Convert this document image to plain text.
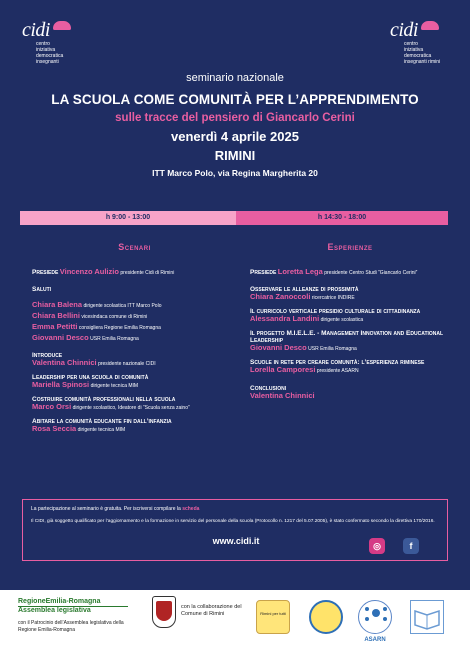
cidi
centro
iniziativa
democratica
insegnanti
cidi
centro
iniziativa
democratica
insegnanti rimini
seminario nazionale
LA SCUOLA COME COMUNITÀ PER L’APPRENDIMENTO
sulle tracce del pensiero di Giancarlo Cerini
venerdì 4 aprile 2025
RIMINI
ITT Marco Polo, via Regina Margherita 20
h 9:00 - 13:00	h 14:30 - 18:00
Scenari
Presiede Vincenzo Aulizio presidente Cidi di Rimini
Saluti
Chiara Balena dirigente scolastica ITT Marco Polo
Chiara Bellini vicesindaca comune di Rimini
Emma Petitti consigliera Regione Emilia Romagna
Giovanni Desco USR Emilia Romagna
Introduce
Valentina Chinnici presidente nazionale CIDI
Leadership per una scuola di comunità
Mariella Spinosi dirigente tecnica MIM
Costruire comunità professionali nella scuola
Marco Orsi dirigente scolastico, Ideatore di “Scuola senza zaino”
Abitare la comunità educante fin dall’infanzia
Rosa Seccia dirigente tecnica MIM
Esperienze
Presiede Loretta Lega presidente Centro Studi “Giancarlo Cerini”
Osservare le alleanze di prossimità
Chiara Zanoccoli ricercatrice INDIRE
Il curricolo verticale presidio culturale di cittadinanza
Alessandra Landini dirigente scolastica
Il progetto M.I.E.L.E. - Management Innovation and Educational Leadership
Giovanni Desco USR Emilia Romagna
Scuole in rete per creare comunità: l’esperienza riminese
Lorella Camporesi presidente ASARN
Conclusioni
Valentina Chinnici
La partecipazione al seminario è gratuita. Per iscriversi compilare la scheda
Il CIDI, già soggetto qualificato per l’aggiornamento e la formazione in servizio del personale della scuola (Protocollo n. 1217 del 5.07.2005), è stato confermato secondo la direttiva 170/2016.
www.cidi.it	◎	f
RegioneEmilia-Romagna
Assemblea legislativa
con il Patrocinio dell’Assemblea legislativa della Regione Emilia-Romagna
con la collaborazione del Comune di Rimini	Rimini per tutti
ASARN
